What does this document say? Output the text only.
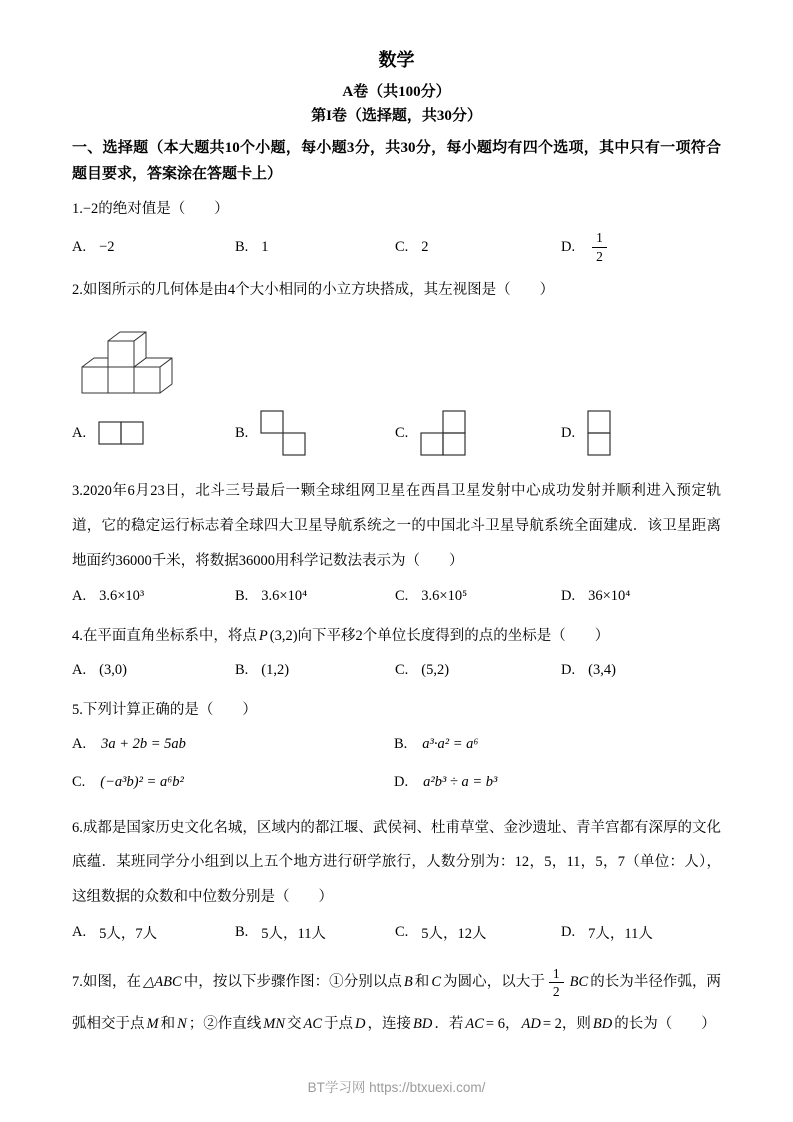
数学
A卷（共100分）
第I卷（选择题，共30分）
一、选择题（本大题共10个小题，每小题3分，共30分，每小题均有四个选项，其中只有一项符合题目要求，答案涂在答题卡上）

1.−2的绝对值是（　　）

A. −2	B. 1	C. 2	D. $\frac{1}{2}$

2.如图所示的几何体是由4个大小相同的小立方块搭成，其左视图是（　　）

A.	B.	C.	D.

3.2020年6月23日，北斗三号最后一颗全球组网卫星在西昌卫星发射中心成功发射并顺利进入预定轨道，它的稳定运行标志着全球四大卫星导航系统之一的中国北斗卫星导航系统全面建成．该卫星距离地面约36000千米，将数据36000用科学记数法表示为（　　）

A. 3.6×10³	B. 3.6×10⁴	C. 3.6×10⁵	D. 36×10⁴

4.在平面直角坐标系中，将点 P (3,2)向下平移2个单位长度得到的点的坐标是（　　）

A. (3,0)	B. (1,2)	C. (5,2)	D. (3,4)

5.下列计算正确的是（　　）

A. 3a + 2b = 5ab	B. a³·a² = a⁶
C. (−a³b)² = a⁶b²	D. a²b³ ÷ a = b³

6.成都是国家历史文化名城，区域内的都江堰、武侯祠、杜甫草堂、金沙遗址、青羊宫都有深厚的文化底蕴．某班同学分小组到以上五个地方进行研学旅行，人数分别为：12，5，11，5，7（单位：人），这组数据的众数和中位数分别是（　　）

A. 5人，7人	B. 5人，11人	C. 5人，12人	D. 7人，11人

7.如图，在 △ABC 中，按以下步骤作图：①分别以点 B 和 C 为圆心，以大于 $\frac{1}{2}$ BC 的长为半径作弧，两弧相交于点 M 和 N ；②作直线 MN 交 AC 于点 D ，连接 BD ．若 AC = 6， AD = 2，则 BD 的长为（　　）

BT学习网 https://btxuexi.com/
